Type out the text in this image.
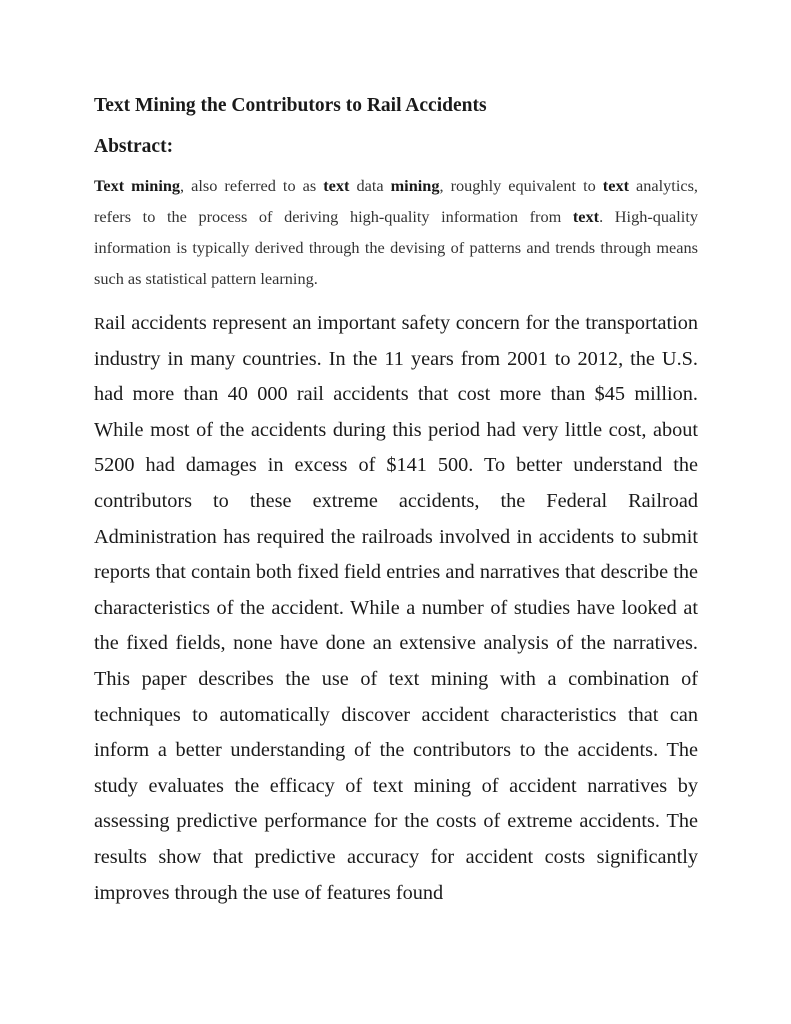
Text Mining the Contributors to Rail Accidents
Abstract:

Text mining, also referred to as text data mining, roughly equivalent to text analytics, refers to the process of deriving high-quality information from text. High-quality information is typically derived through the devising of patterns and trends through means such as statistical pattern learning.

Rail accidents represent an important safety concern for the transportation industry in many countries. In the 11 years from 2001 to 2012, the U.S. had more than 40 000 rail accidents that cost more than $45 million. While most of the accidents during this period had very little cost, about 5200 had damages in excess of $141 500. To better understand the contributors to these extreme accidents, the Federal Railroad Administration has required the railroads involved in accidents to submit reports that contain both fixed field entries and narratives that describe the characteristics of the accident. While a number of studies have looked at the fixed fields, none have done an extensive analysis of the narratives. This paper describes the use of text mining with a combination of techniques to automatically discover accident characteristics that can inform a better understanding of the contributors to the accidents. The study evaluates the efficacy of text mining of accident narratives by assessing predictive performance for the costs of extreme accidents. The results show that predictive accuracy for accident costs significantly improves through the use of features found
